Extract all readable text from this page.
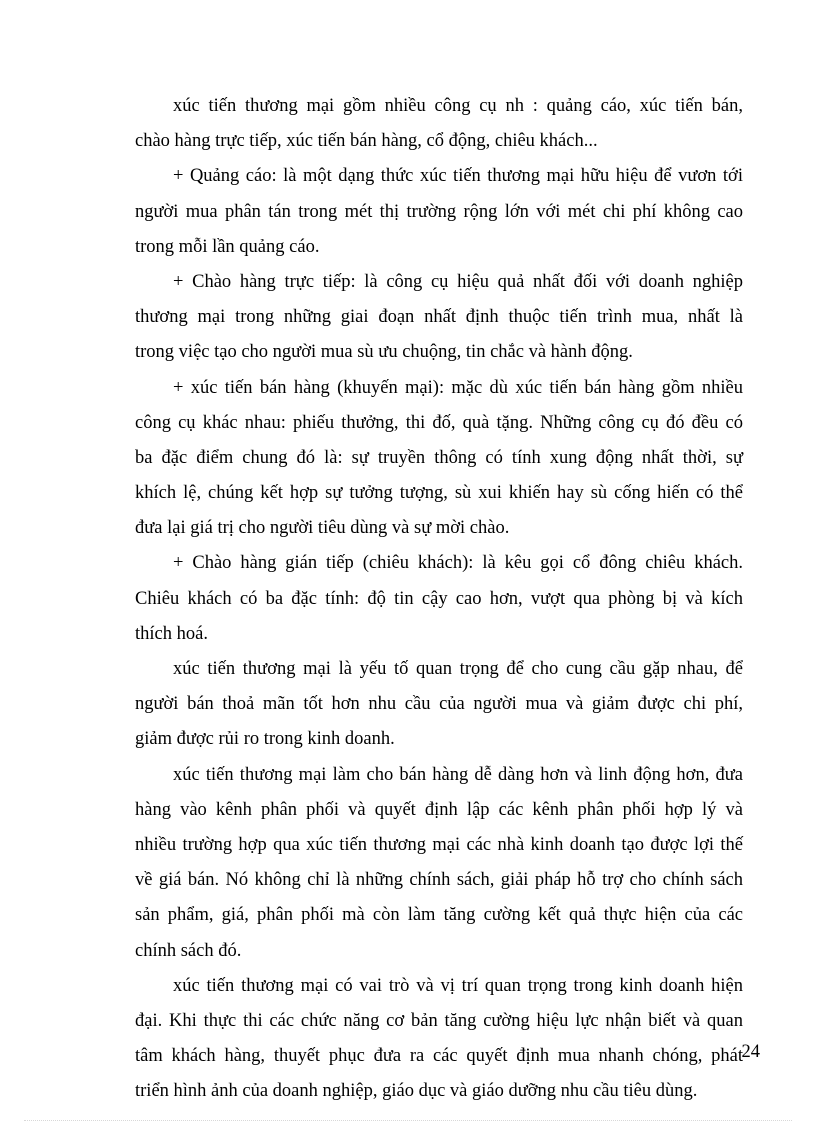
xúc tiến thương mại gồm nhiều công cụ nh : quảng cáo, xúc tiến bán,
chào hàng trực tiếp, xúc tiến bán hàng, cổ động, chiêu khách...
+ Quảng cáo: là một dạng thức xúc tiến thương mại hữu hiệu để vươn tới
người mua phân tán trong mét thị trường rộng lớn với mét chi phí không cao
trong mỗi lần quảng cáo.
+ Chào hàng trực tiếp: là công cụ hiệu quả nhất đối với doanh nghiệp
thương mại trong những giai đoạn nhất định thuộc tiến trình mua, nhất là
trong việc tạo cho người mua sù ưu chuộng, tin chắc và hành động.
+ xúc tiến bán hàng (khuyến mại): mặc dù xúc tiến bán hàng gồm nhiều
công cụ khác nhau: phiếu thưởng, thi đố, quà tặng. Những công cụ đó đều có
ba đặc điểm chung đó là: sự truyền thông có tính xung động nhất thời, sự
khích lệ, chúng kết hợp sự tưởng tượng, sù xui khiến hay sù cống hiến có thể
đưa lại giá trị cho người tiêu dùng và sự mời chào.
+ Chào hàng gián tiếp (chiêu khách): là kêu gọi cổ đông chiêu khách.
Chiêu khách có ba đặc tính: độ tin cậy cao hơn, vượt qua phòng bị và kích
thích hoá.
xúc tiến thương mại là yếu tố quan trọng để cho cung cầu gặp nhau, để
người bán thoả mãn tốt hơn nhu cầu của người mua và giảm được chi phí,
giảm được rủi ro trong kinh doanh.
xúc tiến thương mại làm cho bán hàng dễ dàng hơn và linh động hơn, đưa
hàng vào kênh phân phối và quyết định lập các kênh phân phối hợp lý và
nhiều trường hợp qua xúc tiến thương mại các nhà kinh doanh tạo được lợi thế
về giá bán. Nó không chỉ là những chính sách, giải pháp hỗ trợ cho chính sách
sản phẩm, giá, phân phối mà còn làm tăng cường kết quả thực hiện của các
chính sách đó.
xúc tiến thương mại có vai trò và vị trí quan trọng trong kinh doanh hiện
đại. Khi thực thi các chức năng cơ bản tăng cường hiệu lực nhận biết và quan
tâm khách hàng, thuyết phục đưa ra các quyết định mua nhanh chóng, phát
triển hình ảnh của doanh nghiệp, giáo dục và giáo dưỡng nhu cầu tiêu dùng.
24
